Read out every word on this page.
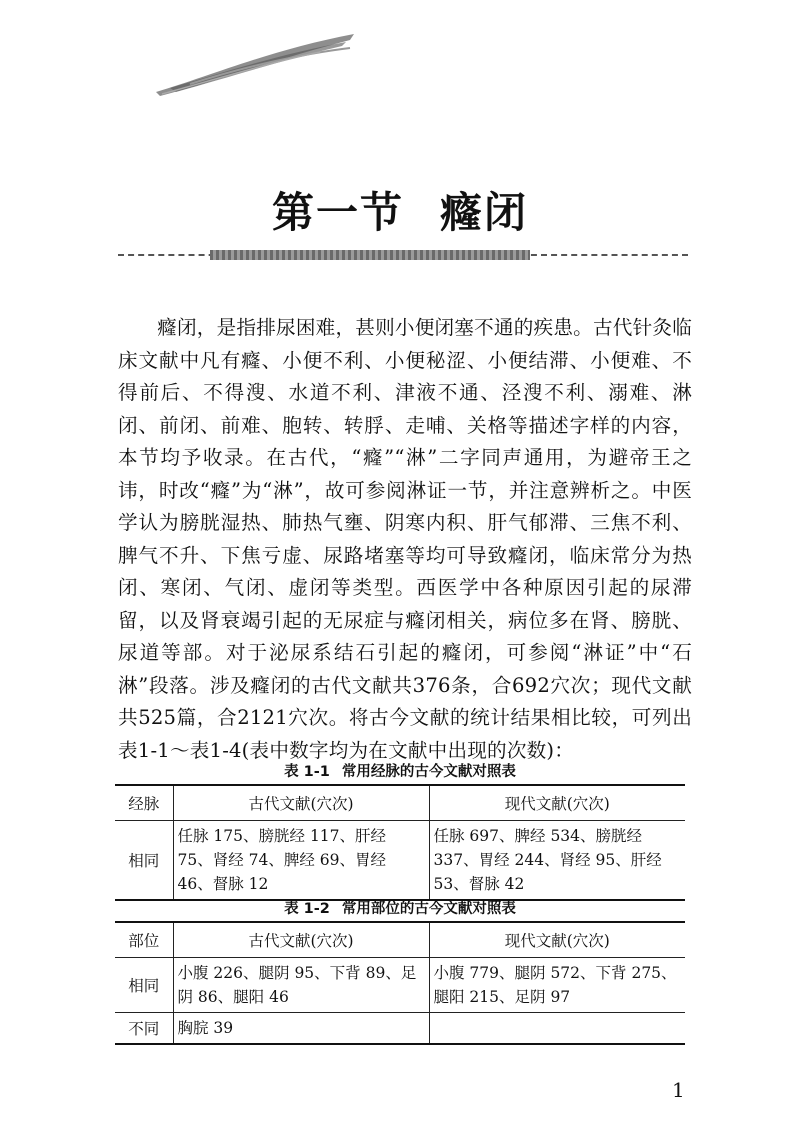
第一节 癃闭
癃闭，是指排尿困难，甚则小便闭塞不通的疾患。古代针灸临床文献中凡有癃、小便不利、小便秘涩、小便结滞、小便难、不得前后、不得溲、水道不利、津液不通、泾溲不利、溺难、淋闭、前闭、前难、胞转、转脬、走哺、关格等描述字样的内容，本节均予收录。在古代，“癃”“淋”二字同声通用，为避帝王之讳，时改“癃”为“淋”，故可参阅淋证一节，并注意辨析之。中医学认为膀胱湿热、肺热气壅、阴寒内积、肝气郁滞、三焦不利、脾气不升、下焦亏虚、尿路堵塞等均可导致癃闭，临床常分为热闭、寒闭、气闭、虚闭等类型。西医学中各种原因引起的尿滞留，以及肾衰竭引起的无尿症与癃闭相关，病位多在肾、膀胱、尿道等部。对于泌尿系结石引起的癃闭，可参阅“淋证”中“石淋”段落。涉及癃闭的古代文献共376条，合692穴次；现代文献共525篇，合2121穴次。将古今文献的统计结果相比较，可列出表1-1～表1-4(表中数字均为在文献中出现的次数)：
表 1-1 常用经脉的古今文献对照表
经脉	古代文献(穴次)	现代文献(穴次)
相同	任脉 175、膀胱经 117、肝经 75、肾经 74、脾经 69、胃经 46、督脉 12	任脉 697、脾经 534、膀胱经 337、胃经 244、肾经 95、肝经 53、督脉 42
表 1-2 常用部位的古今文献对照表
部位	古代文献(穴次)	现代文献(穴次)
相同	小腹 226、腿阴 95、下背 89、足阴 86、腿阳 46	小腹 779、腿阴 572、下背 275、腿阳 215、足阴 97
不同	胸脘 39	
1
